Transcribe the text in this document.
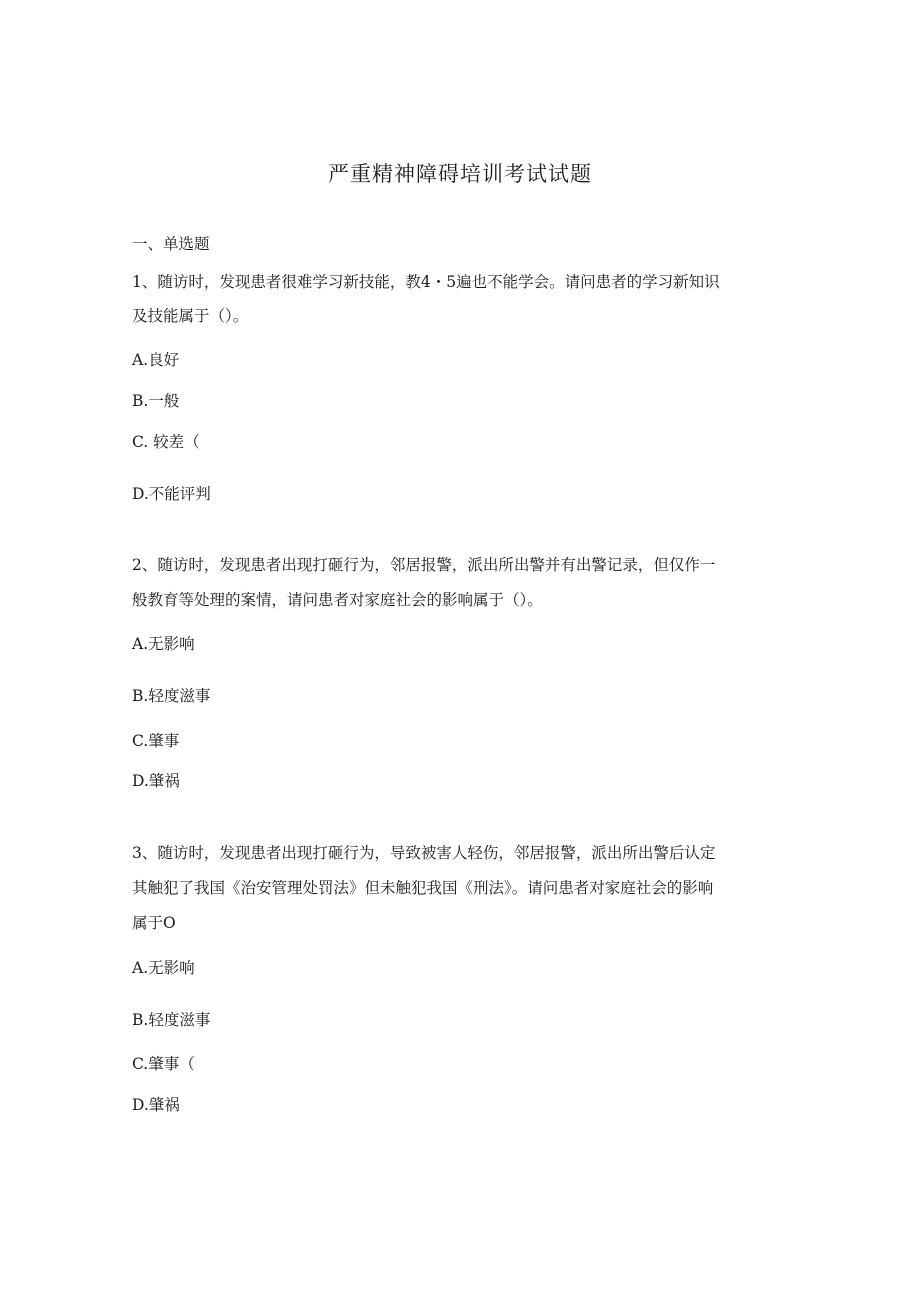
严重精神障碍培训考试试题
一、单选题
1、随访时，发现患者很难学习新技能，教4・5遍也不能学会。请问患者的学习新知识
及技能属于（）。
A.良好
B.一般
C. 较差（
D.不能评判
2、随访时，发现患者出现打砸行为，邻居报警，派出所出警并有出警记录，但仅作一
般教育等处理的案情，请问患者对家庭社会的影响属于（）。
A.无影响
B.轻度滋事
C.肇事
D.肇祸
3、随访时，发现患者出现打砸行为，导致被害人轻伤，邻居报警，派出所出警后认定
其触犯了我国《治安管理处罚法》但未触犯我国《刑法》。请问患者对家庭社会的影响
属于O
A.无影响
B.轻度滋事
C.肇事（
D.肇祸
